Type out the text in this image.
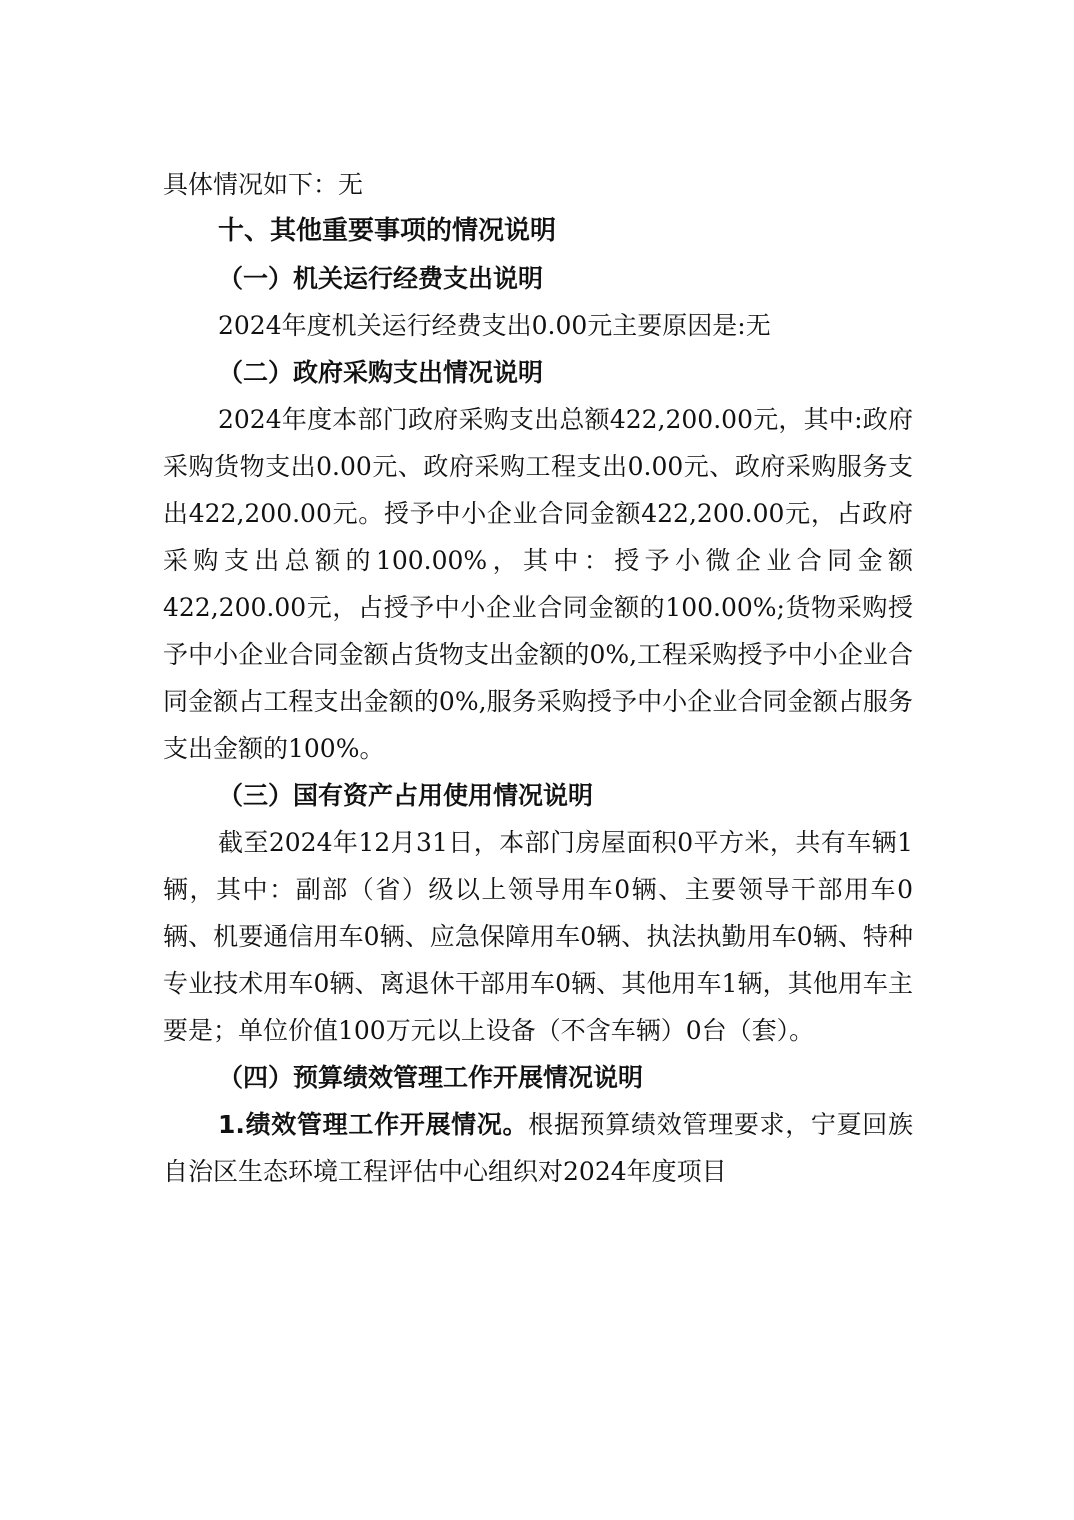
具体情况如下：无

十、其他重要事项的情况说明
（一）机关运行经费支出说明

2024年度机关运行经费支出0.00元主要原因是:无

（二）政府采购支出情况说明

2024年度本部门政府采购支出总额422,200.00元，其中:政府采购货物支出0.00元、政府采购工程支出0.00元、政府采购服务支出422,200.00元。授予中小企业合同金额422,200.00元，占政府采购支出总额的100.00%，其中：授予小微企业合同金额422,200.00元，占授予中小企业合同金额的100.00%;货物采购授予中小企业合同金额占货物支出金额的0%,工程采购授予中小企业合同金额占工程支出金额的0%,服务采购授予中小企业合同金额占服务支出金额的100%。

（三）国有资产占用使用情况说明

截至2024年12月31日，本部门房屋面积0平方米，共有车辆1辆，其中：副部（省）级以上领导用车0辆、主要领导干部用车0辆、机要通信用车0辆、应急保障用车0辆、执法执勤用车0辆、特种专业技术用车0辆、离退休干部用车0辆、其他用车1辆，其他用车主要是；单位价值100万元以上设备（不含车辆）0台（套）。

（四）预算绩效管理工作开展情况说明

1.绩效管理工作开展情况。根据预算绩效管理要求，宁夏回族自治区生态环境工程评估中心组织对2024年度项目
